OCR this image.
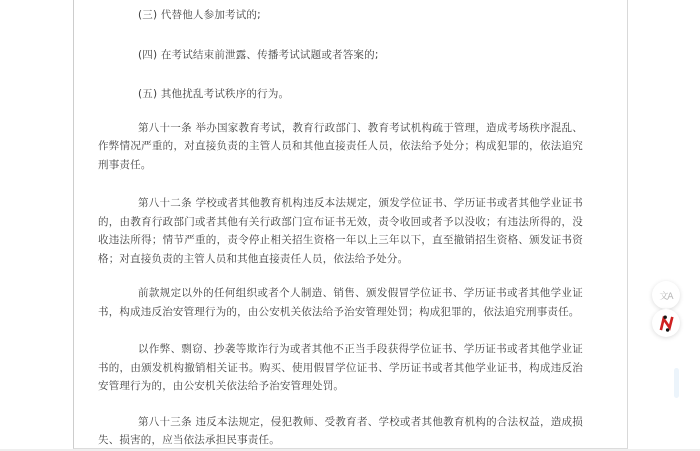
(三) 代替他人参加考试的;

(四) 在考试结束前泄露、传播考试试题或者答案的;

(五) 其他扰乱考试秩序的行为。

第八十一条 举办国家教育考试，教育行政部门、教育考试机构疏于管理，造成考场秩序混乱、作弊情况严重的，对直接负责的主管人员和其他直接责任人员，依法给予处分；构成犯罪的，依法追究刑事责任。

第八十二条 学校或者其他教育机构违反本法规定，颁发学位证书、学历证书或者其他学业证书的，由教育行政部门或者其他有关行政部门宣布证书无效，责令收回或者予以没收；有违法所得的，没收违法所得；情节严重的，责令停止相关招生资格一年以上三年以下，直至撤销招生资格、颁发证书资格；对直接负责的主管人员和其他直接责任人员，依法给予处分。

前款规定以外的任何组织或者个人制造、销售、颁发假冒学位证书、学历证书或者其他学业证书，构成违反治安管理行为的，由公安机关依法给予治安管理处罚；构成犯罪的，依法追究刑事责任。

以作弊、剽窃、抄袭等欺诈行为或者其他不正当手段获得学位证书、学历证书或者其他学业证书的，由颁发机构撤销相关证书。购买、使用假冒学位证书、学历证书或者其他学业证书，构成违反治安管理行为的，由公安机关依法给予治安管理处罚。

第八十三条 违反本法规定，侵犯教师、受教育者、学校或者其他教育机构的合法权益，造成损失、损害的，应当依法承担民事责任。

文A
